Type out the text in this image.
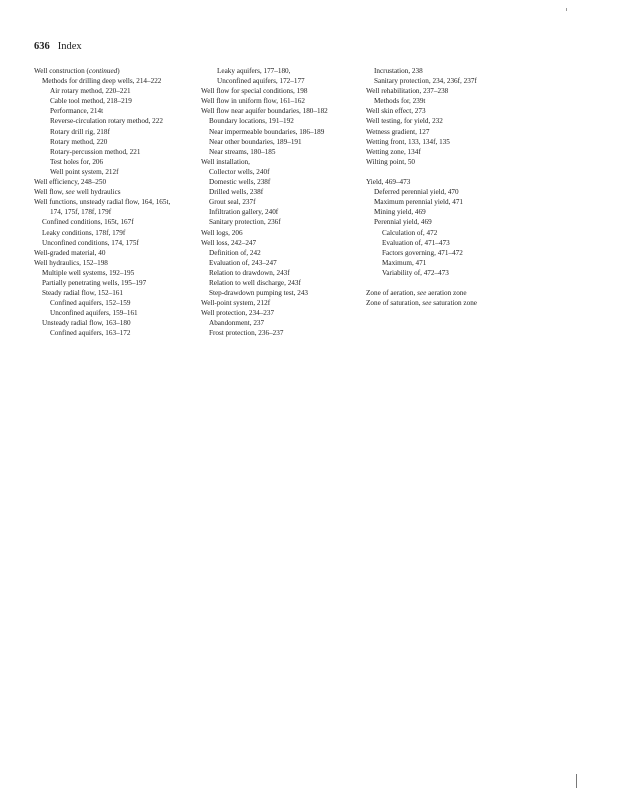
636 Index
Well construction (continued)
Methods for drilling deep wells, 214–222
Air rotary method, 220–221
Cable tool method, 218–219
Performance, 214t
Reverse-circulation rotary method, 222
Rotary drill rig, 218f
Rotary method, 220
Rotary-percussion method, 221
Test holes for, 206
Well point system, 212f
Well efficiency, 248–250
Well flow, see well hydraulics
Well functions, unsteady radial flow, 164, 165t,
174, 175f, 178f, 179f
Confined conditions, 165t, 167f
Leaky conditions, 178f, 179f
Unconfined conditions, 174, 175f
Well-graded material, 40
Well hydraulics, 152–198
Multiple well systems, 192–195
Partially penetrating wells, 195–197
Steady radial flow, 152–161
Confined aquifers, 152–159
Unconfined aquifers, 159–161
Unsteady radial flow, 163–180
Confined aquifers, 163–172
Leaky aquifers, 177–180,
Unconfined aquifers, 172–177
Well flow for special conditions, 198
Well flow in uniform flow, 161–162
Well flow near aquifer boundaries, 180–182
Boundary locations, 191–192
Near impermeable boundaries, 186–189
Near other boundaries, 189–191
Near streams, 180–185
Well installation,
Collector wells, 240f
Domestic wells, 238f
Drilled wells, 238f
Grout seal, 237f
Infiltration gallery, 240f
Sanitary protection, 236f
Well logs, 206
Well loss, 242–247
Definition of, 242
Evaluation of, 243–247
Relation to drawdown, 243f
Relation to well discharge, 243f
Step-drawdown pumping test, 243
Well-point system, 212f
Well protection, 234–237
Abandonment, 237
Frost protection, 236–237
Incrustation, 238
Sanitary protection, 234, 236f, 237f
Well rehabilitation, 237–238
Methods for, 239t
Well skin effect, 273
Well testing, for yield, 232
Wetness gradient, 127
Wetting front, 133, 134f, 135
Wetting zone, 134f
Wilting point, 50
Yield, 469–473
Deferred perennial yield, 470
Maximum perennial yield, 471
Mining yield, 469
Perennial yield, 469
Calculation of, 472
Evaluation of, 471–473
Factors governing, 471–472
Maximum, 471
Variability of, 472–473
Zone of aeration, see aeration zone
Zone of saturation, see saturation zone
